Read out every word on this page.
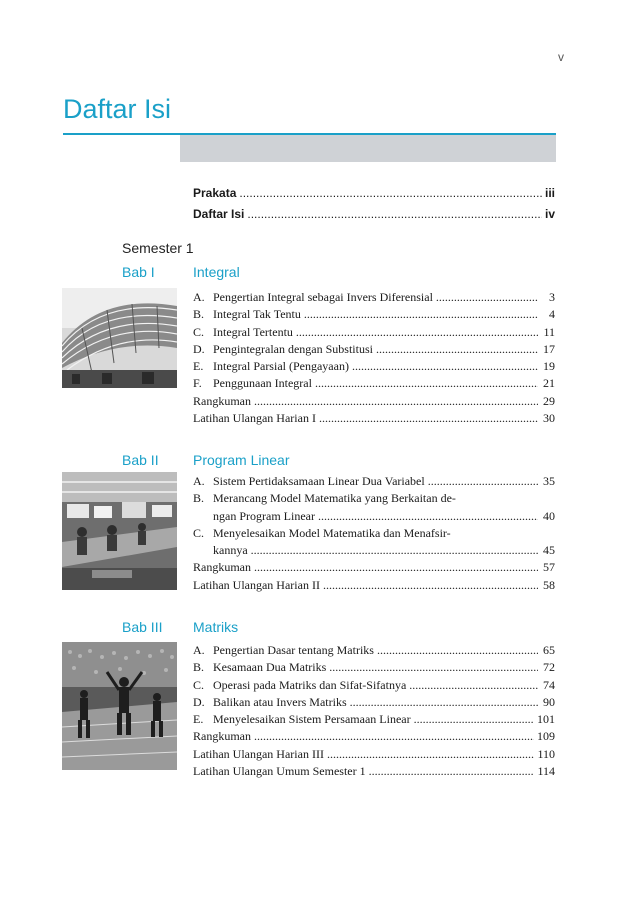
v
Daftar Isi
Prakata .....	iii
Daftar Isi .....	iv
Semester 1
Bab I	Integral
A. Pengertian Integral sebagai Invers Diferensial .....	3
B. Integral Tak Tentu .....	4
C. Integral Tertentu .....	11
D. Pengintegralan dengan Substitusi .....	17
E. Integral Parsial (Pengayaan) .....	19
F. Penggunaan Integral .....	21
Rangkuman .....	29
Latihan Ulangan Harian I .....	30
Bab II Program Linear
A. Sistem Pertidaksamaan Linear Dua Variabel .....	35
B. Merancang Model Matematika yang Berkaitan de-
ngan Program Linear .....	40
C. Menyelesaikan Model Matematika dan Menafsir-
kannya .....	45
Rangkuman .....	57
Latihan Ulangan Harian II .....	58
Bab III Matriks
A. Pengertian Dasar tentang Matriks .....	65
B. Kesamaan Dua Matriks .....	72
C. Operasi pada Matriks dan Sifat-Sifatnya .....	74
D. Balikan atau Invers Matriks .....	90
E. Menyelesaikan Sistem Persamaan Linear .....	101
Rangkuman .....	109
Latihan Ulangan Harian III .....	110
Latihan Ulangan Umum Semester 1 .....	114
